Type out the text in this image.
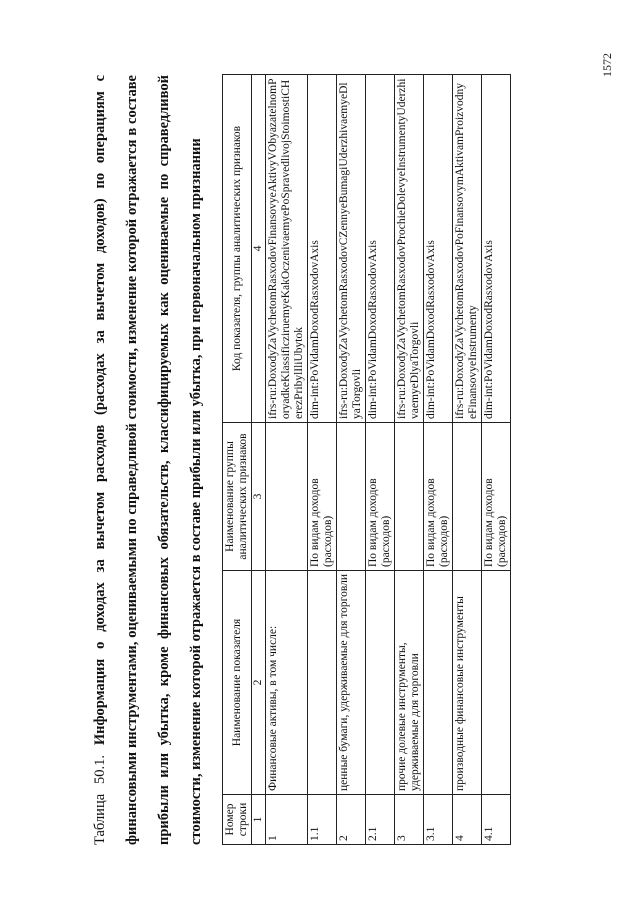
1572
Таблица 50.1. Информация о доходах за вычетом расходов (расходах за вычетом доходов) по операциям с финансовыми инструментами, оцениваемыми по справедливой стоимости, изменение которой отражается в составе прибыли или убытка, кроме финансовых обязательств, классифицируемых как оцениваемые по справедливой стоимости, изменение которой отражается в составе прибыли или убытка, при первоначальном признании	Номер строки	Наименование показателя	Наименование группы аналитических признаков	Код показателя, группы аналитических признаков
1	2	3	4
1	Финансовые активы, в том числе:		ifrs-ru:DoxodyZaVychetomRasxodovFinansovyeAktivyVObyazatelnomPoryadkeKlassificziruemyeKakOczenivaemyePoSpravedlivojStoimostiCHerezPribylIliUbytok
1.1		По видам доходов (расходов)	dim-int:PoVidamDoxodRasxodovAxis
2	ценные бумаги, удерживаемые для торговли		ifrs-ru:DoxodyZaVychetomRasxodovCZennyeBumagiUderzhivaemyeDlyaTorgovli
2.1		По видам доходов (расходов)	dim-int:PoVidamDoxodRasxodovAxis
3	прочие долевые инструменты, удерживаемые для торговли		ifrs-ru:DoxodyZaVychetomRasxodovProchieDolevyeInstrumentyUderzhivaemyeDlyaTorgovli
3.1		По видам доходов (расходов)	dim-int:PoVidamDoxodRasxodovAxis
4	производные финансовые инструменты		ifrs-ru:DoxodyZaVychetomRasxodovPoFinansovymAktivamProizvodnyeFinansovyeInstrumenty
4.1		По видам доходов (расходов)	dim-int:PoVidamDoxodRasxodovAxis
